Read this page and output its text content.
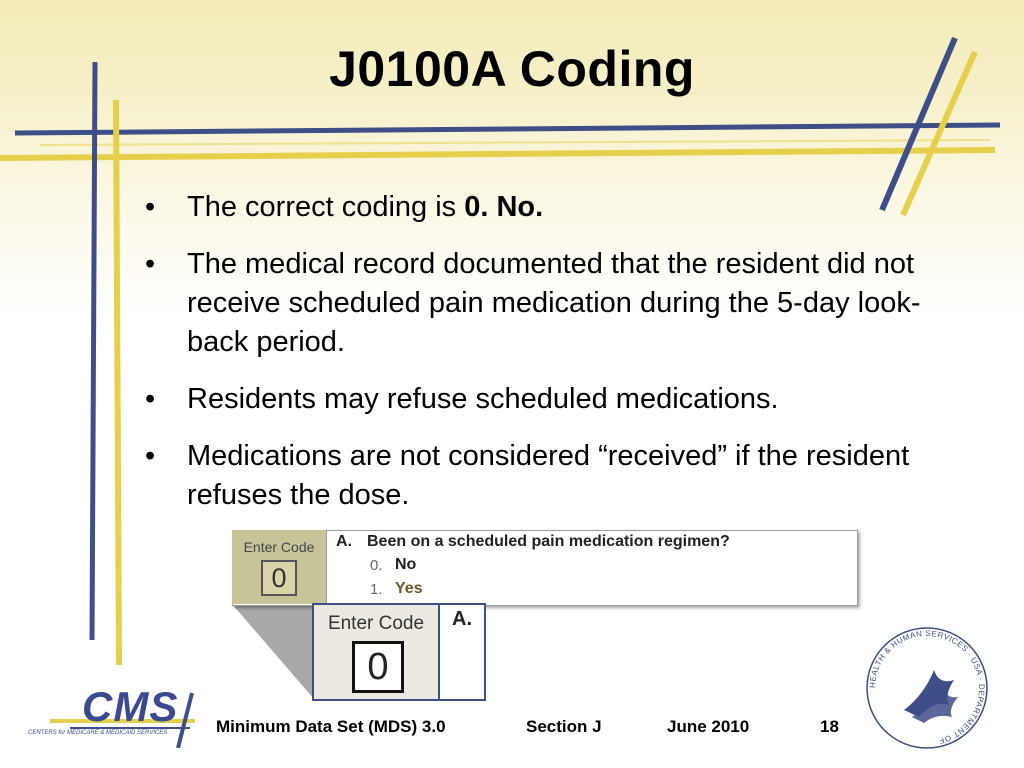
J0100A Coding
• The correct coding is 0. No.
• The medical record documented that the resident did not receive scheduled pain medication during the 5-day look-back period.
• Residents may refuse scheduled medications.
• Medications are not considered “received” if the resident refuses the dose.
Enter Code
0
A. Been on a scheduled pain medication regimen?
0. No
1. Yes
Enter Code
0
A.
CMS
CENTERS for MEDICARE & MEDICAID SERVICES	Minimum Data Set (MDS) 3.0	Section J	June 2010	18
HEALTH & HUMAN SERVICES · USA · DEPARTMENT OF
